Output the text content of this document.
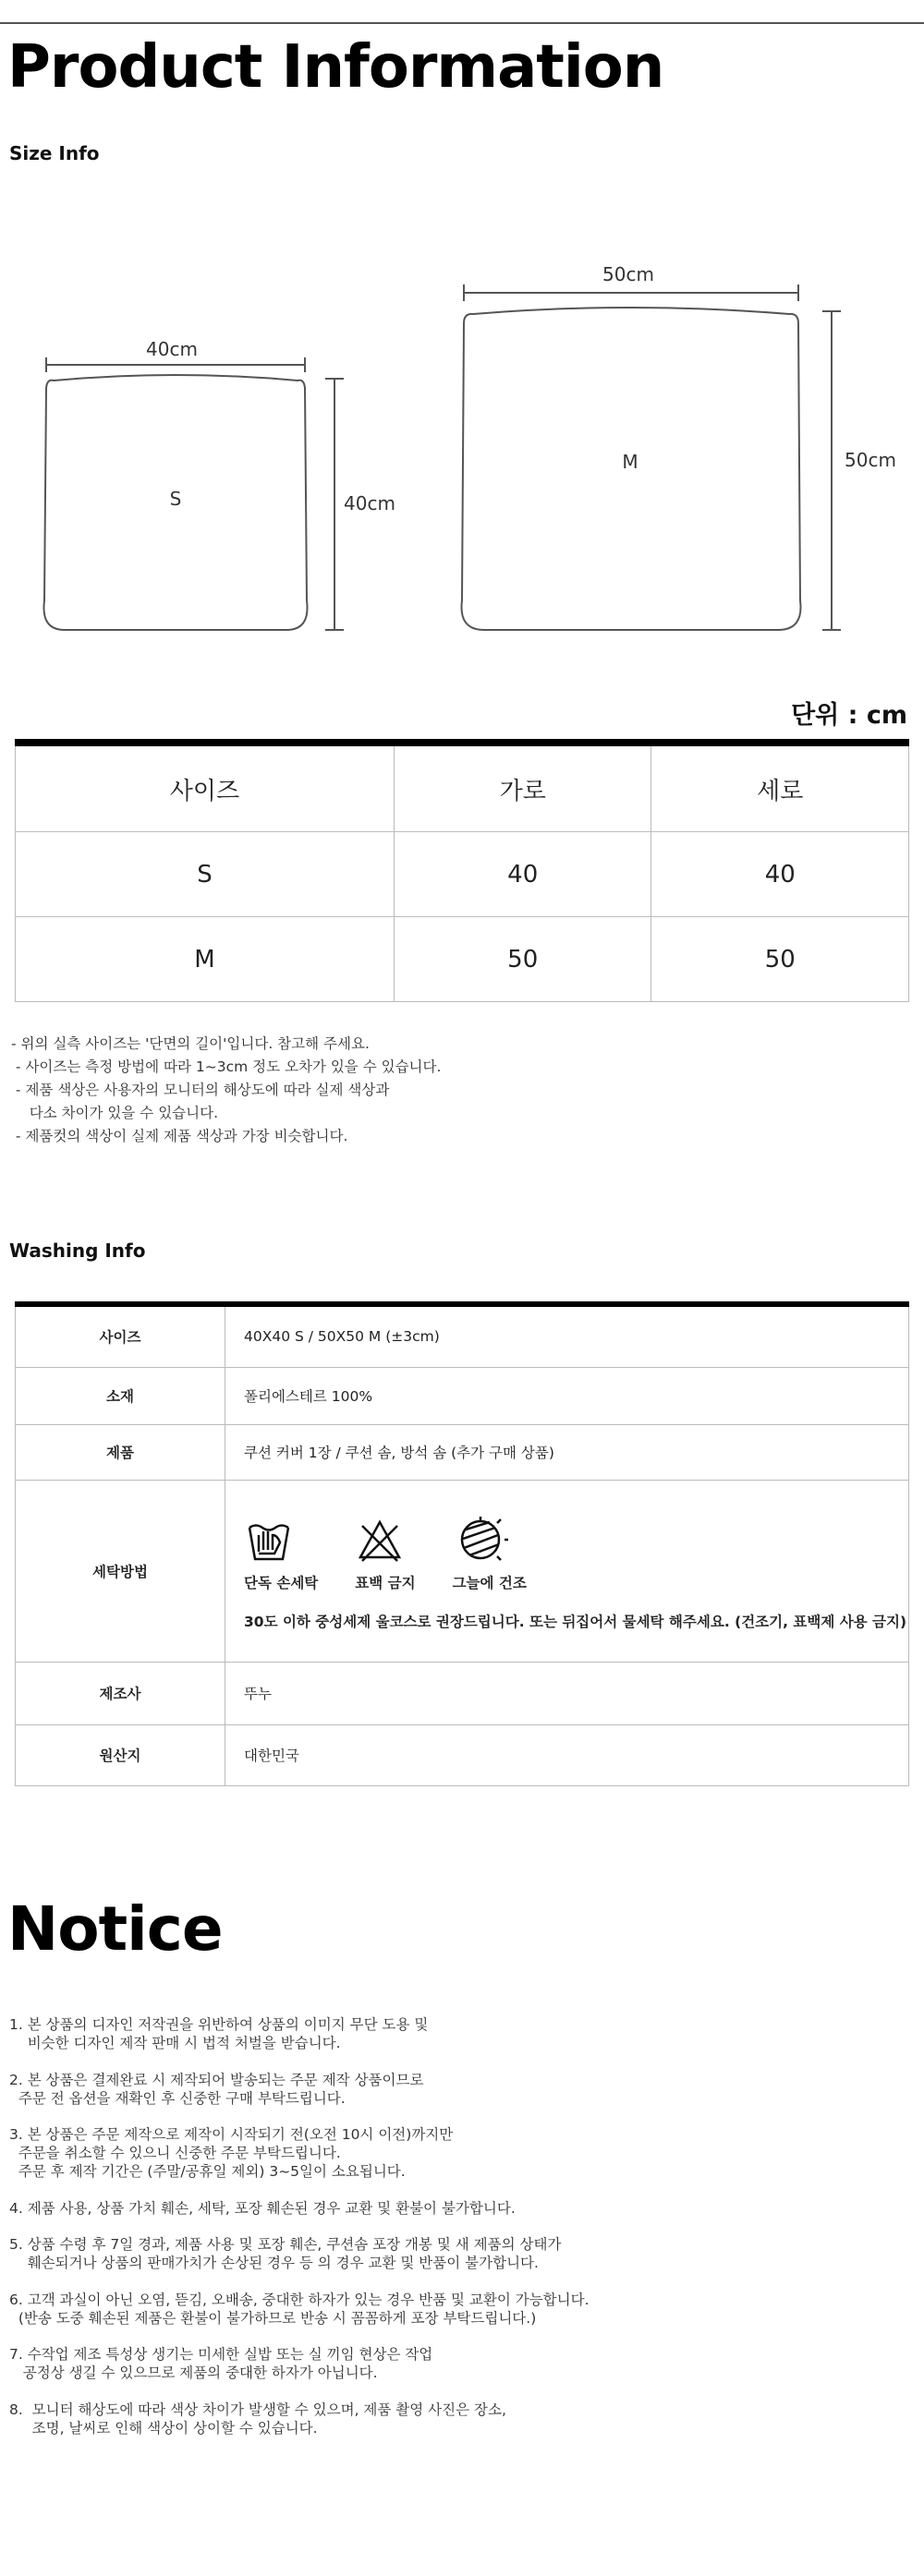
Product Information
Size Info
40cm
40cm
S
50cm
50cm
M
단위 : cm
사이즈	가로	세로
S	40	40
M	50	50
- 위의 실측 사이즈는 '단면의 길이'입니다. 참고해 주세요.
- 사이즈는 측정 방법에 따라 1~3cm 정도 오차가 있을 수 있습니다.
- 제품 색상은 사용자의 모니터의 해상도에 따라 실제 색상과
다소 차이가 있을 수 있습니다.
- 제품컷의 색상이 실제 제품 색상과 가장 비슷합니다.
Washing Info
사이즈	40X40 S / 50X50 M (±3cm)
소재	폴리에스테르 100%
제품	쿠션 커버 1장 / 쿠션 솜, 방석 솜 (추가 구매 상품)
세탁방법	단독 손세탁 표백 금지 그늘에 건조
30도 이하 중성세제 울코스로 권장드립니다. 또는 뒤집어서 물세탁 해주세요. (건조기, 표백제 사용 금지)

제조사	뚜누
원산지	대한민국
Notice
1. 본 상품의 디자인 저작권을 위반하여 상품의 이미지 무단 도용 및
비슷한 디자인 제작 판매 시 법적 처벌을 받습니다.
2. 본 상품은 결제완료 시 제작되어 발송되는 주문 제작 상품이므로
주문 전 옵션을 재확인 후 신중한 구매 부탁드립니다.
3. 본 상품은 주문 제작으로 제작이 시작되기 전(오전 10시 이전)까지만
주문을 취소할 수 있으니 신중한 주문 부탁드립니다.
주문 후 제작 기간은 (주말/공휴일 제외) 3~5일이 소요됩니다.
4. 제품 사용, 상품 가치 훼손, 세탁, 포장 훼손된 경우 교환 및 환불이 불가합니다.
5. 상품 수령 후 7일 경과, 제품 사용 및 포장 훼손, 쿠션솜 포장 개봉 및 새 제품의 상태가
훼손되거나 상품의 판매가치가 손상된 경우 등 의 경우 교환 및 반품이 불가합니다.
6. 고객 과실이 아닌 오염, 뜯김, 오배송, 중대한 하자가 있는 경우 반품 및 교환이 가능합니다.
(반송 도중 훼손된 제품은 환불이 불가하므로 반송 시 꼼꼼하게 포장 부탁드립니다.)
7. 수작업 제조 특성상 생기는 미세한 실밥 또는 실 끼임 현상은 작업
공정상 생길 수 있으므로 제품의 중대한 하자가 아닙니다.
8.  모니터 해상도에 따라 색상 차이가 발생할 수 있으며, 제품 촬영 사진은 장소,
조명, 날씨로 인해 색상이 상이할 수 있습니다.
